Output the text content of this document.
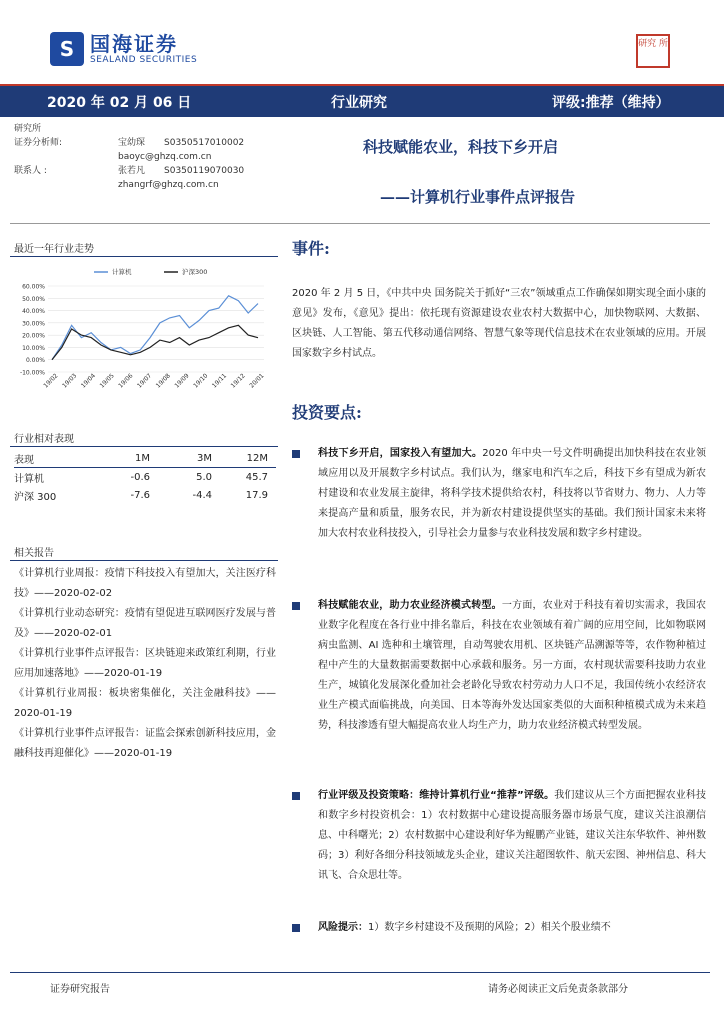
S 国海证券
SEALAND SECURITIES
研究 所
2020 年 02 月 06 日	行业研究	评级:推荐（维持）
研究所
证券分析师:	宝幼琛 S0350517010002
baoyc@ghzq.com.cn
联系人 :	张若凡 S0350119070030
zhangrf@ghzq.com.cn
科技赋能农业，科技下乡开启
——计算机行业事件点评报告
最近一年行业走势
计算机	沪深300
60.00%
50.00%
40.00%
30.00%
20.00%
10.00%
0.00%
-10.00%
19/02 19/03 19/04 19/05 19/06 19/07 19/08 19/09 19/10 19/11 19/12 20/01
行业相对表现
表现	1M	3M	12M
计算机	-0.6	5.0	45.7
沪深 300	-7.6	-4.4	17.9
相关报告
《计算机行业周报：疫情下科技投入有望加大，关注医疗科技》——2020-02-02
《计算机行业动态研究：疫情有望促进互联网医疗发展与普及》——2020-02-01
《计算机行业事件点评报告：区块链迎来政策红利期，行业应用加速落地》——2020-01-19
《计算机行业周报：板块密集催化，关注金融科技》——2020-01-19
《计算机行业事件点评报告：证监会探索创新科技应用，金融科技再迎催化》——2020-01-19
事件:
2020 年 2 月 5 日，《中共中央 国务院关于抓好“三农”领域重点工作确保如期实现全面小康的意见》发布，《意见》提出：依托现有资源建设农业农村大数据中心，加快物联网、大数据、区块链、人工智能、第五代移动通信网络、智慧气象等现代信息技术在农业领域的应用。开展国家数字乡村试点。
投资要点:
科技下乡开启，国家投入有望加大。2020 年中央一号文件明确提出加快科技在农业领域应用以及开展数字乡村试点。我们认为，继家电和汽车之后，科技下乡有望成为新农村建设和农业发展主旋律，将科学技术提供给农村，科技将以节省财力、物力、人力等来提高产量和质量，服务农民，并为新农村建设提供坚实的基础。我们预计国家未来将加大农村农业科技投入，引导社会力量参与农业科技发展和数字乡村建设。
科技赋能农业，助力农业经济模式转型。一方面，农业对于科技有着切实需求，我国农业数字化程度在各行业中排名靠后，科技在农业领域有着广阔的应用空间，比如物联网病虫监测、AI 选种和土壤管理，自动驾驶农用机、区块链产品溯源等等，农作物种植过程中产生的大量数据需要数据中心承载和服务。另一方面，农村现状需要科技助力农业生产，城镇化发展深化叠加社会老龄化导致农村劳动力人口不足，我国传统小农经济农业生产模式面临挑战，向美国、日本等海外发达国家类似的大面积种植模式成为未来趋势，科技渗透有望大幅提高农业人均生产力，助力农业经济模式转型发展。
行业评级及投资策略：维持计算机行业“推荐”评级。我们建议从三个方面把握农业科技和数字乡村投资机会：1）农村数据中心建设提高服务器市场景气度，建议关注浪潮信息、中科曙光；2）农村数据中心建设利好华为鲲鹏产业链，建议关注东华软件、神州数码；3）利好各细分科技领域龙头企业，建议关注超图软件、航天宏图、神州信息、科大讯飞、合众思壮等。
风险提示：1）数字乡村建设不及预期的风险；2）相关个股业绩不
证券研究报告	请务必阅读正文后免责条款部分
